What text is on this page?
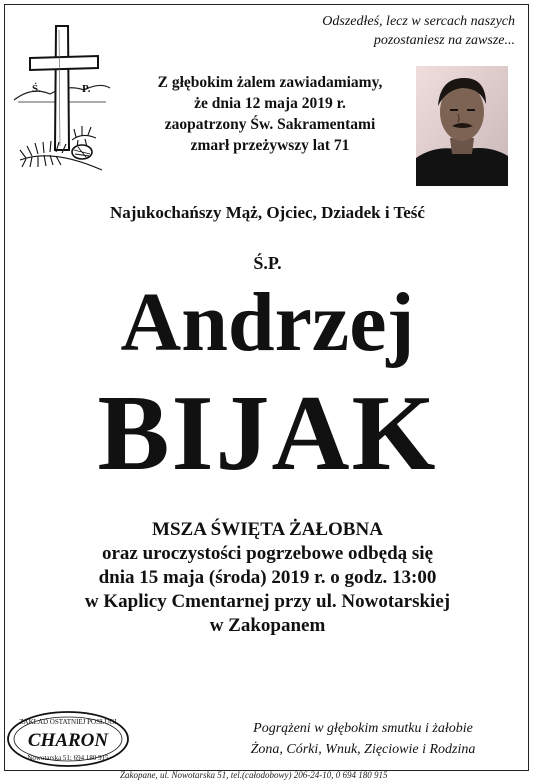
Odszedłeś, lecz w sercach naszych
pozostaniesz na zawsze...
Ś.	P.	Z głębokim żalem zawiadamiamy,
że dnia 12 maja 2019 r.
zaopatrzony Św. Sakramentami
zmarł przeżywszy lat 71
Najukochańszy Mąż, Ojciec, Dziadek i Teść
Ś.P.
Andrzej
BIJAK
MSZA ŚWIĘTA ŻAŁOBNA
oraz uroczystości pogrzebowe odbędą się
dnia 15 maja (środa) 2019 r. o godz. 13:00
w Kaplicy Cmentarnej przy ul. Nowotarskiej
w Zakopanem
ZAKŁAD OSTATNIEJ POSŁUGI
CHARON
Nowotarska 51; 694 180 915
Pogrążeni w głębokim smutku i żałobie
Żona, Córki, Wnuk, Zięciowie i Rodzina
Zakopane, ul. Nowotarska 51, tel.(całodobowy) 206-24-10, 0 694 180 915
